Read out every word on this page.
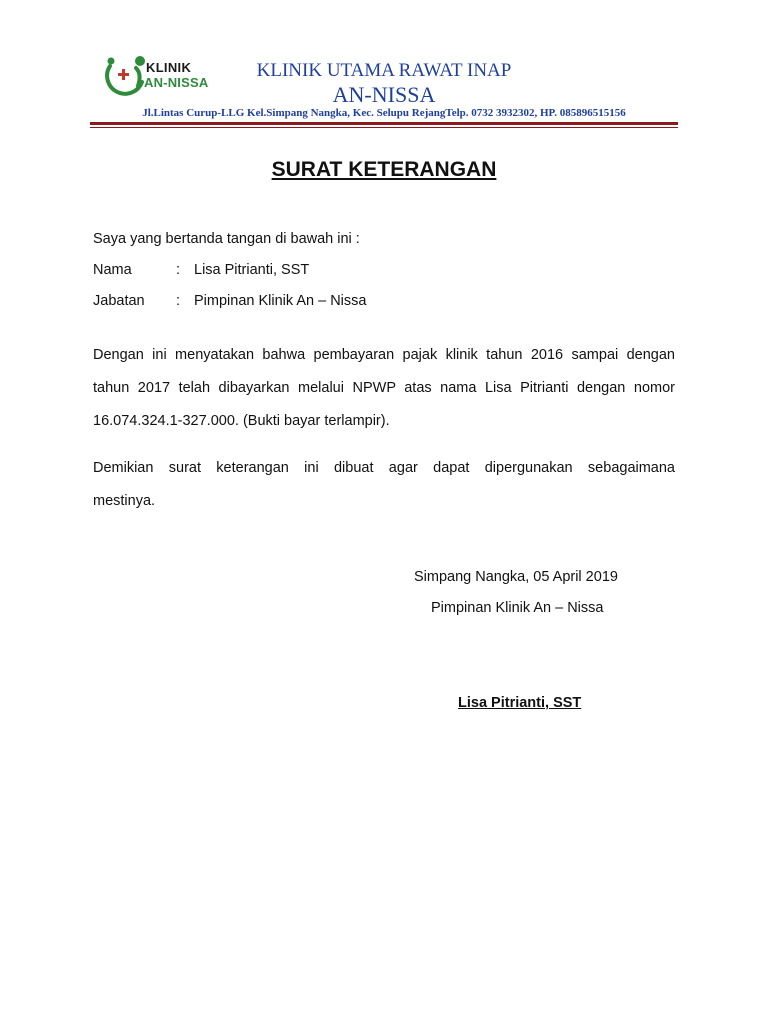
KLINIK
AN-NISSA
KLINIK UTAMA RAWAT INAP
AN-NISSA
Jl.Lintas Curup-LLG Kel.Simpang Nangka, Kec. Selupu RejangTelp. 0732 3932302, HP. 085896515156
SURAT KETERANGAN
Saya yang bertanda tangan di bawah ini :
Nama	: Lisa Pitrianti, SST
Jabatan : Pimpinan Klinik An – Nissa
Dengan ini menyatakan bahwa pembayaran pajak klinik tahun 2016 sampai dengan
tahun 2017 telah dibayarkan melalui NPWP atas nama Lisa Pitrianti dengan nomor
16.074.324.1-327.000. (Bukti bayar terlampir).
Demikian surat keterangan ini dibuat agar dapat dipergunakan sebagaimana
mestinya.
Simpang Nangka, 05 April 2019
Pimpinan Klinik An – Nissa
Lisa Pitrianti, SST
